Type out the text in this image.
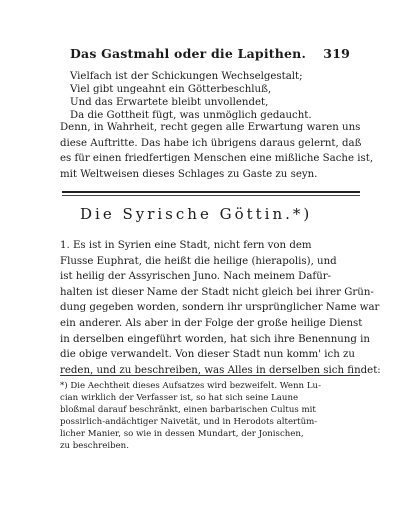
Das Gastmahl oder die Lapithen. 319
Vielfach ist der Schickungen Wechselgestalt;
Viel gibt ungeahnt ein Götterbeschluß,
Und das Erwartete bleibt unvollendet,
Da die Gottheit fügt, was unmöglich gedaucht.
Denn, in Wahrheit, recht gegen alle Erwartung waren uns
diese Auftritte. Das habe ich übrigens daraus gelernt, daß
es für einen friedfertigen Menschen eine mißliche Sache ist,
mit Weltweisen dieses Schlages zu Gaste zu seyn.
Die Syrische Göttin.*)
1. Es ist in Syrien eine Stadt, nicht fern von dem
Flusse Euphrat, die heißt die heilige (hierapolis), und
ist heilig der Assyrischen Juno. Nach meinem Dafür-
halten ist dieser Name der Stadt nicht gleich bei ihrer Grün-
dung gegeben worden, sondern ihr ursprünglicher Name war
ein anderer. Als aber in der Folge der große heilige Dienst
in derselben eingeführt worden, hat sich ihre Benennung in
die obige verwandelt. Von dieser Stadt nun komm' ich zu
reden, und zu beschreiben, was Alles in derselben sich findet:
*) Die Aechtheit dieses Aufsatzes wird bezweifelt. Wenn Lu-
cian wirklich der Verfasser ist, so hat sich seine Laune
bloßmal darauf beschränkt, einen barbarischen Cultus mit
possirlich-andächtiger Naivetät, und in Herodots altertüm-
licher Manier, so wie in dessen Mundart, der Jonischen,
zu beschreiben.
